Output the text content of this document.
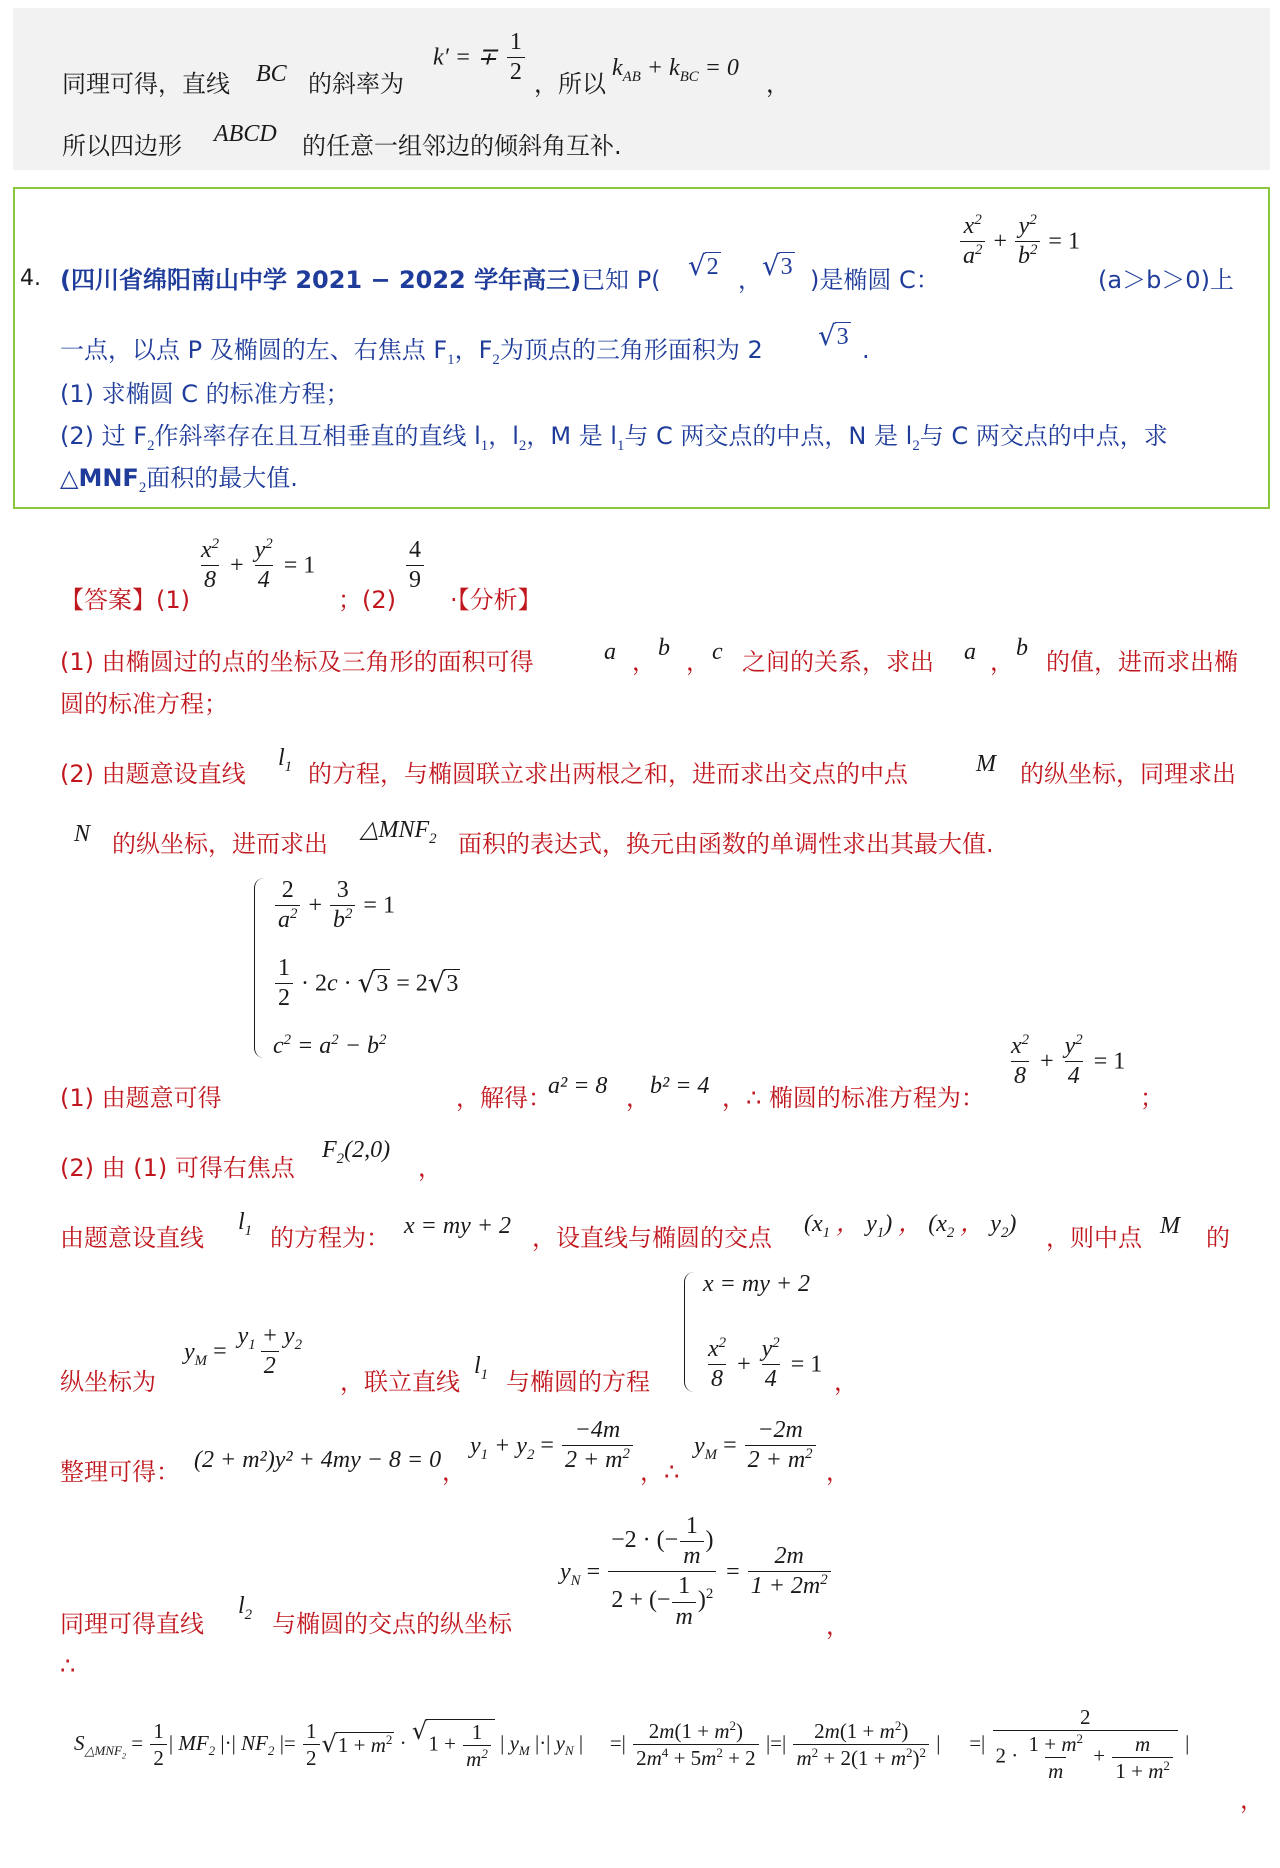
同理可得，直线 BC 的斜率为
k′ = ∓ $\frac{1}{2}$ ，所以
$k_{AB} + k_{BC} = 0$
，
所以四边形 ABCD 的任意一组邻边的倾斜角互补.
4. (四川省绵阳南山中学 2021 − 2022 学年高三)已知 P( √ 2 ， √ 3 )是椭圆 C：
$\frac{x^2}{a^2} + \frac{y^2}{b^2} = 1$
(a＞b＞0)上
一点，以点 P 及椭圆的左、右焦点 $F_1$，$F_2$为顶点的三角形面积为 2 √ 3 .
(1) 求椭圆 C 的标准方程；
(2) 过 $F_2$作斜率存在且互相垂直的直线 $l_1$，$l_2$，M 是 $l_1$与 C 两交点的中点，N 是 $l_2$与 C 两交点的中点，求
$\triangle MNF_2$面积的最大值.
【答案】(1)
$\frac{x^2}{8} + \frac{y^2}{4} = 1$
；(2)
$\frac{4}{9}$
·【分析】
(1) 由椭圆过的点的坐标及三角形的面积可得	a ， b ， c 之间的关系，求出 a ， b 的值，进而求出椭
圆的标准方程；
(2) 由题意设直线
$l_1$ 的方程，与椭圆联立求出两根之和，进而求出交点的中点	M 的纵坐标，同理求出
N 的纵坐标，进而求出 $\triangle MNF_2$ 面积的表达式，换元由函数的单调性求出其最大值.
$\frac{2}{a^2} + \frac{3}{b^2} = 1$
$\frac{1}{2} \cdot 2c$ · √ 3 = 2 √ 3
$c^2 = a^2 - b^2$
(1) 由题意可得	，解得：
a² = 8 ， b² = 4 ，∴ 椭圆的标准方程为：
$\frac{x^2}{8} + \frac{y^2}{4} = 1$
；
(2) 由 (1) 可得右焦点
$F_2(2,0)$
，
由题意设直线
$l_1$ 的方程为： x = my + 2 ，设直线与椭圆的交点 ($x_1$ ， $y_1$) ， ($x_2$ ， $y_2$) ，则中点 M 的
纵坐标为
$y_M = \frac{y_1 + y_2}{2}$
，联立直线
$l_1$ 与椭圆的方程
x = my + 2
$\frac{x^2}{8} + \frac{y^2}{4} = 1$
，
整理可得： (2 + m²)y² + 4my − 8 = 0 ，
$y_1 + y_2 = \frac{-4m}{2 + m^2}$ ，∴
$y_M = \frac{-2m}{2 + m^2}$ ，
同理可得直线
$l_2$ 与椭圆的交点的纵坐标
$y_N = \frac{-2 \cdot (- \frac{1}{m} )}{2 + (- \frac{1}{m} )^2} = \frac{2m}{1 + 2m^2}$
，
∴
$S_{\triangle MNF_2} = \frac{1}{2}$ | $MF_2$ |·| $NF_2$ |= $\frac{1}{2}$ √ $1 + m^2$ · √ $1 + \frac{1}{m^2}$ | $y_M$ |·| $y_N$ | =| $\frac{2m(1 + m^2)}{2m^4 + 5m^2 + 2}$ |=| $\frac{2m(1 + m^2)}{m^2 + 2(1 + m^2)^2}$ | =| $\frac{2}{2 \cdot \frac{1 + m^2}{m} + \frac{m}{1 + m^2}}$ |
，
